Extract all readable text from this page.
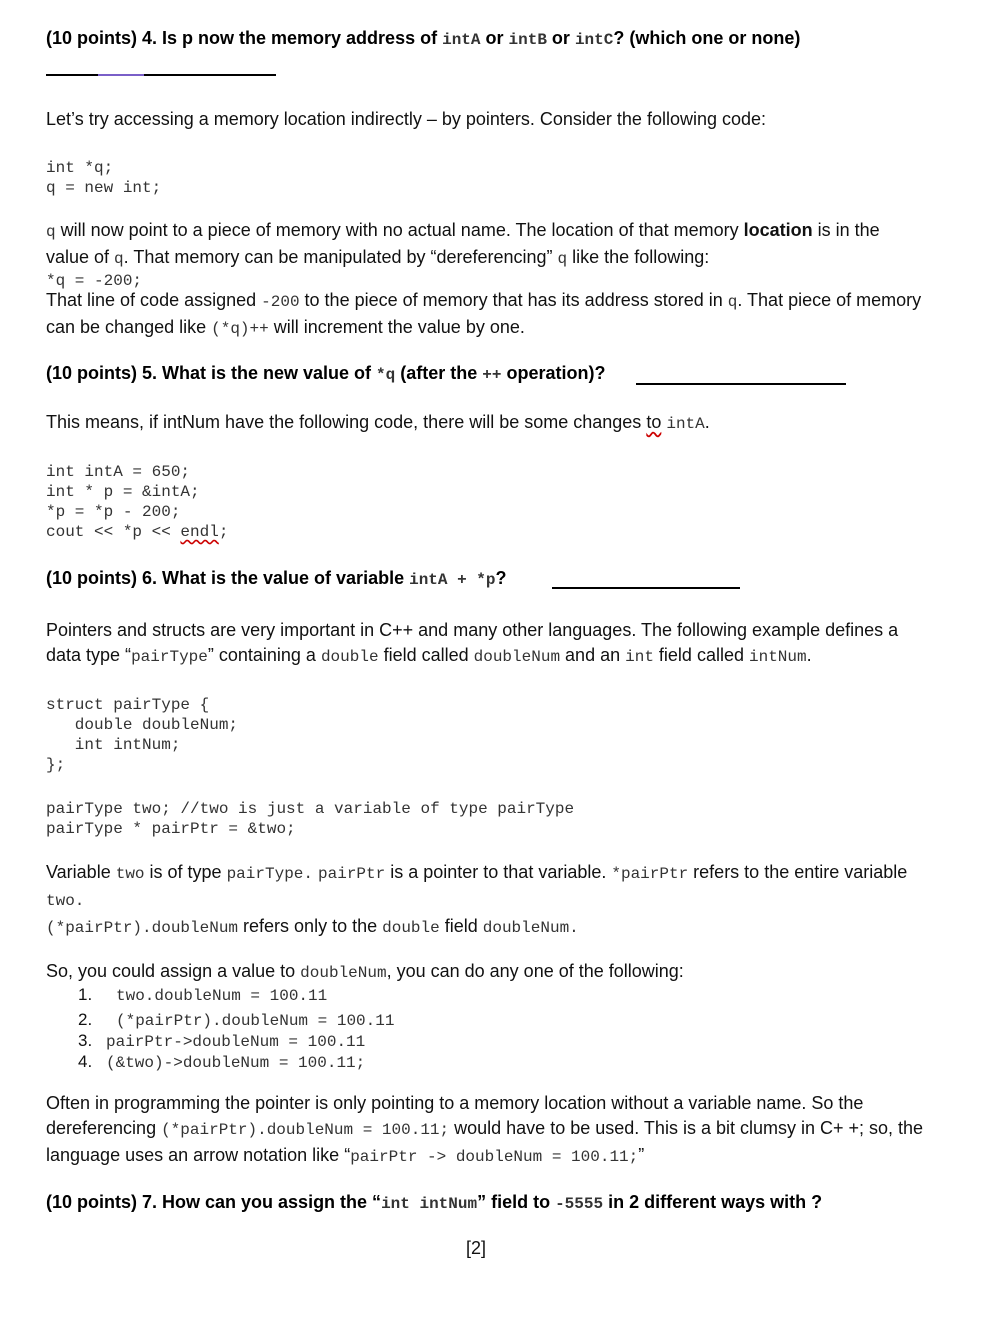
(10 points) 4. Is p now the memory address of intA or intB or intC? (which one or none)
Let’s try accessing a memory location indirectly – by pointers. Consider the following code:
int *q;
q = new int;
q will now point to a piece of memory with no actual name. The location of that memory location is in the value of q. That memory can be manipulated by “dereferencing” q like the following:
*q = -200;
That line of code assigned -200 to the piece of memory that has its address stored in q. That piece of memory can be changed like (*q)++ will increment the value by one.
(10 points) 5. What is the new value of *q (after the ++ operation)?
This means, if intNum have the following code, there will be some changes to intA.
int intA = 650;
int * p = &intA;
*p = *p - 200;
cout << *p << endl;
(10 points) 6. What is the value of variable intA + *p?
Pointers and structs are very important in C++ and many other languages. The following example defines a data type “pairType” containing a double field called doubleNum and an int field called intNum.
struct pairType {
double doubleNum;
int intNum;
};
pairType two; //two is just a variable of type pairType
pairType * pairPtr = &two;
Variable two is of type pairType. pairPtr is a pointer to that variable. *pairPtr refers to the entire variable two.
(*pairPtr).doubleNum refers only to the double field doubleNum.
So, you could assign a value to doubleNum, you can do any one of the following:
1. two.doubleNum = 100.11
2. (*pairPtr).doubleNum = 100.11
3. pairPtr->doubleNum = 100.11
4. (&two)->doubleNum = 100.11;
Often in programming the pointer is only pointing to a memory location without a variable name. So the dereferencing (*pairPtr).doubleNum = 100.11; would have to be used. This is a bit clumsy in C+ +; so, the language uses an arrow notation like “pairPtr -> doubleNum = 100.11;”
(10 points) 7. How can you assign the “int intNum” field to -5555 in 2 different ways with ?
[2]
